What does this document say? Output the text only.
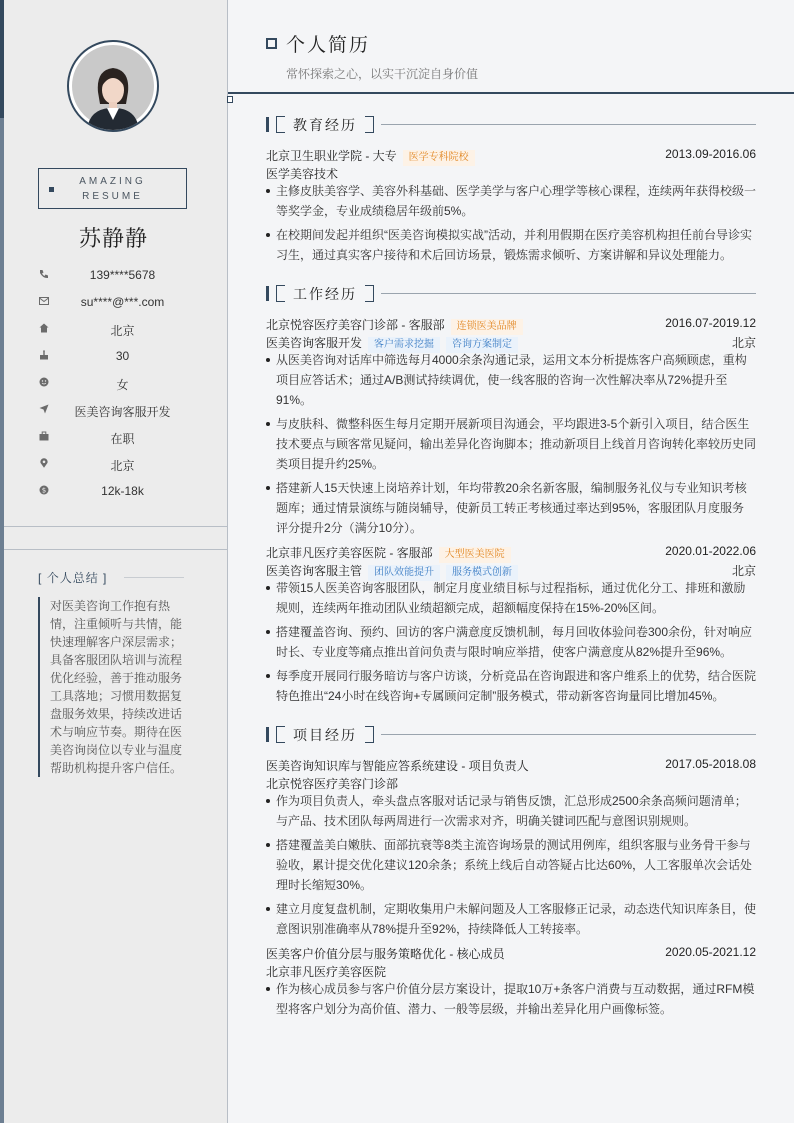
AMAZING
RESUME
苏静静
139****5678
su****@***.com
北京
30
女
医美咨询客服开发
在职
北京
$	12k-18k
[ 个人总结 ]
对医美咨询工作抱有热情，注重倾听与共情，能快速理解客户深层需求；具备客服团队培训与流程优化经验，善于推动服务工具落地；习惯用数据复盘服务效果，持续改进话术与响应节奏。期待在医美咨询岗位以专业与温度帮助机构提升客户信任。
个人简历
常怀探索之心，以实干沉淀自身价值
教育经历
北京卫生职业学院 - 大专 医学专科院校	2013.09-2016.06
医学美容技术
主修皮肤美容学、美容外科基础、医学美学与客户心理学等核心课程，连续两年获得校级一等奖学金，专业成绩稳居年级前5%。
在校期间发起并组织“医美咨询模拟实战”活动，并利用假期在医疗美容机构担任前台导诊实习生，通过真实客户接待和术后回访场景，锻炼需求倾听、方案讲解和异议处理能力。
工作经历
北京悦容医疗美容门诊部 - 客服部 连锁医美品牌	2016.07-2019.12
医美咨询客服开发 客户需求挖掘 咨询方案制定	北京
从医美咨询对话库中筛选每月4000余条沟通记录，运用文本分析提炼客户高频顾虑，重构项目应答话术；通过A/B测试持续调优，使一线客服的咨询一次性解决率从72%提升至91%。
与皮肤科、微整科医生每月定期开展新项目沟通会，平均跟进3-5个新引入项目，结合医生技术要点与顾客常见疑问，输出差异化咨询脚本；推动新项目上线首月咨询转化率较历史同类项目提升约25%。
搭建新人15天快速上岗培养计划，年均带教20余名新客服，编制服务礼仪与专业知识考核题库；通过情景演练与随岗辅导，使新员工转正考核通过率达到95%，客服团队月度服务评分提升2分（满分10分）。
北京菲凡医疗美容医院 - 客服部 大型医美医院	2020.01-2022.06
医美咨询客服主管 团队效能提升 服务模式创新	北京
带领15人医美咨询客服团队，制定月度业绩目标与过程指标，通过优化分工、排班和激励规则，连续两年推动团队业绩超额完成，超额幅度保持在15%-20%区间。
搭建覆盖咨询、预约、回访的客户满意度反馈机制，每月回收体验问卷300余份，针对响应时长、专业度等痛点推出首问负责与限时响应举措，使客户满意度从82%提升至96%。
每季度开展同行服务暗访与客户访谈，分析竞品在咨询跟进和客户维系上的优势，结合医院特色推出“24小时在线咨询+专属顾问定制”服务模式，带动新客咨询量同比增加45%。
项目经历
医美咨询知识库与智能应答系统建设 - 项目负责人	2017.05-2018.08
北京悦容医疗美容门诊部
作为项目负责人，牵头盘点客服对话记录与销售反馈，汇总形成2500余条高频问题清单；与产品、技术团队每两周进行一次需求对齐，明确关键词匹配与意图识别规则。
搭建覆盖美白嫩肤、面部抗衰等8类主流咨询场景的测试用例库，组织客服与业务骨干参与验收，累计提交优化建议120余条；系统上线后自动答疑占比达60%，人工客服单次会话处理时长缩短30%。
建立月度复盘机制，定期收集用户未解问题及人工客服修正记录，动态迭代知识库条目，使意图识别准确率从78%提升至92%，持续降低人工转接率。
医美客户价值分层与服务策略优化 - 核心成员	2020.05-2021.12
北京菲凡医疗美容医院
作为核心成员参与客户价值分层方案设计，提取10万+条客户消费与互动数据，通过RFM模型将客户划分为高价值、潜力、一般等层级，并输出差异化用户画像标签。
